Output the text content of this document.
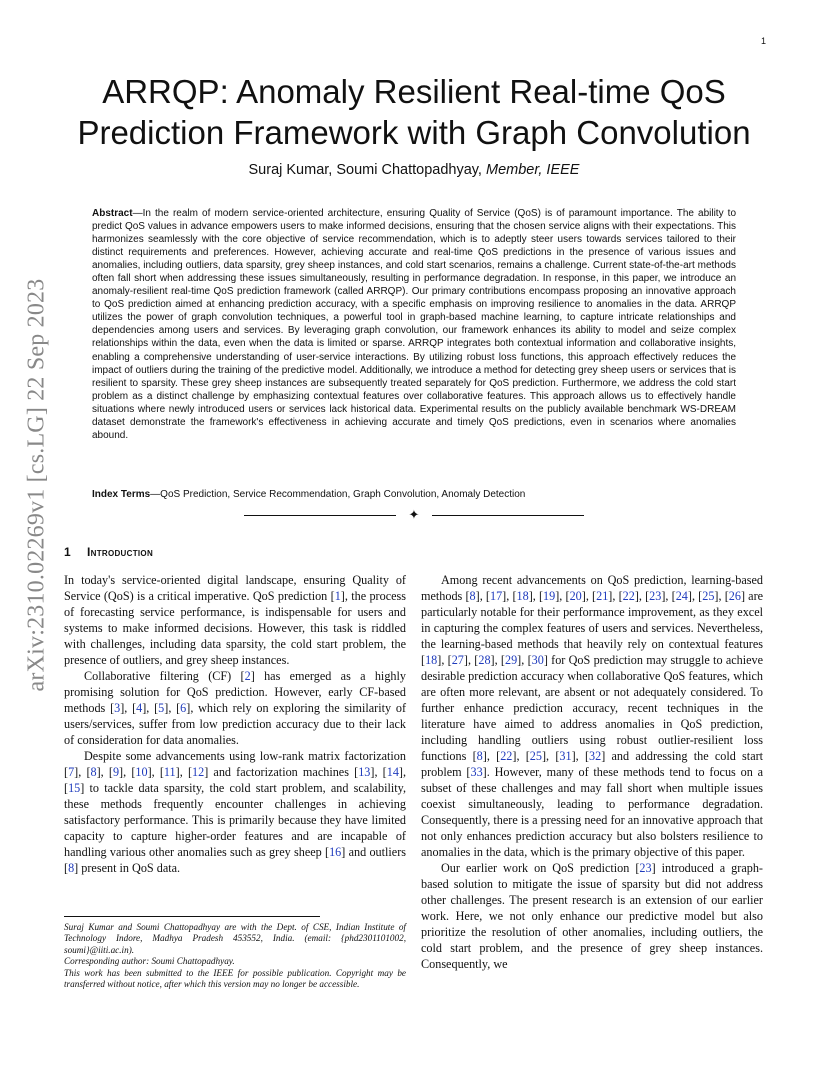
1
arXiv:2310.02269v1 [cs.LG] 22 Sep 2023
ARRQP: Anomaly Resilient Real-time QoS
Prediction Framework with Graph Convolution
Suraj Kumar, Soumi Chattopadhyay, Member, IEEE

Abstract—In the realm of modern service-oriented architecture, ensuring Quality of Service (QoS) is of paramount importance. The ability to predict QoS values in advance empowers users to make informed decisions, ensuring that the chosen service aligns with their expectations. This harmonizes seamlessly with the core objective of service recommendation, which is to adeptly steer users towards services tailored to their distinct requirements and preferences. However, achieving accurate and real-time QoS predictions in the presence of various issues and anomalies, including outliers, data sparsity, grey sheep instances, and cold start scenarios, remains a challenge. Current state-of-the-art methods often fall short when addressing these issues simultaneously, resulting in performance degradation. In response, in this paper, we introduce an anomaly-resilient real-time QoS prediction framework (called ARRQP). Our primary contributions encompass proposing an innovative approach to QoS prediction aimed at enhancing prediction accuracy, with a specific emphasis on improving resilience to anomalies in the data. ARRQP utilizes the power of graph convolution techniques, a powerful tool in graph-based machine learning, to capture intricate relationships and dependencies among users and services. By leveraging graph convolution, our framework enhances its ability to model and seize complex relationships within the data, even when the data is limited or sparse. ARRQP integrates both contextual information and collaborative insights, enabling a comprehensive understanding of user-service interactions. By utilizing robust loss functions, this approach effectively reduces the impact of outliers during the training of the predictive model. Additionally, we introduce a method for detecting grey sheep users or services that is resilient to sparsity. These grey sheep instances are subsequently treated separately for QoS prediction. Furthermore, we address the cold start problem as a distinct challenge by emphasizing contextual features over collaborative features. This approach allows us to effectively handle situations where newly introduced users or services lack historical data. Experimental results on the publicly available benchmark WS-DREAM dataset demonstrate the framework's effectiveness in achieving accurate and timely QoS predictions, even in scenarios where anomalies abound.

Index Terms—QoS Prediction, Service Recommendation, Graph Convolution, Anomaly Detection

✦
1 Introduction

In today's service-oriented digital landscape, ensuring Quality of Service (QoS) is a critical imperative. QoS prediction [1], the process of forecasting service performance, is indispensable for users and systems to make informed decisions. However, this task is riddled with challenges, including data sparsity, the cold start problem, the presence of outliers, and grey sheep instances.

Collaborative filtering (CF) [2] has emerged as a highly promising solution for QoS prediction. However, early CF-based methods [3], [4], [5], [6], which rely on exploring the similarity of users/services, suffer from low prediction accuracy due to their lack of consideration for data anomalies.

Despite some advancements using low-rank matrix factorization [7], [8], [9], [10], [11], [12] and factorization machines [13], [14], [15] to tackle data sparsity, the cold start problem, and scalability, these methods frequently encounter challenges in achieving satisfactory performance. This is primarily because they have limited capacity to capture higher-order features and are incapable of handling various other anomalies such as grey sheep [16] and outliers [8] present in QoS data.

Among recent advancements on QoS prediction, learning-based methods [8], [17], [18], [19], [20], [21], [22], [23], [24], [25], [26] are particularly notable for their performance improvement, as they excel in capturing the complex features of users and services. Nevertheless, the learning-based methods that heavily rely on contextual features [18], [27], [28], [29], [30] for QoS prediction may struggle to achieve desirable prediction accuracy when collaborative QoS features, which are often more relevant, are absent or not adequately considered. To further enhance prediction accuracy, recent techniques in the literature have aimed to address anomalies in QoS prediction, including handling outliers using robust outlier-resilient loss functions [8], [22], [25], [31], [32] and addressing the cold start problem [33]. However, many of these methods tend to focus on a subset of these challenges and may fall short when multiple issues coexist simultaneously, leading to performance degradation. Consequently, there is a pressing need for an innovative approach that not only enhances prediction accuracy but also bolsters resilience to anomalies in the data, which is the primary objective of this paper.

Our earlier work on QoS prediction [23] introduced a graph-based solution to mitigate the issue of sparsity but did not address other challenges. The present research is an extension of our earlier work. Here, we not only enhance our predictive model but also prioritize the resolution of other anomalies, including outliers, the cold start problem, and the presence of grey sheep instances. Consequently, we

Suraj Kumar and Soumi Chattopadhyay are with the Dept. of CSE, Indian Institute of Technology Indore, Madhya Pradesh 453552, India. (email: {phd2301101002, soumi}@iiti.ac.in).

Corresponding author: Soumi Chattopadhyay.

This work has been submitted to the IEEE for possible publication. Copyright may be transferred without notice, after which this version may no longer be accessible.
